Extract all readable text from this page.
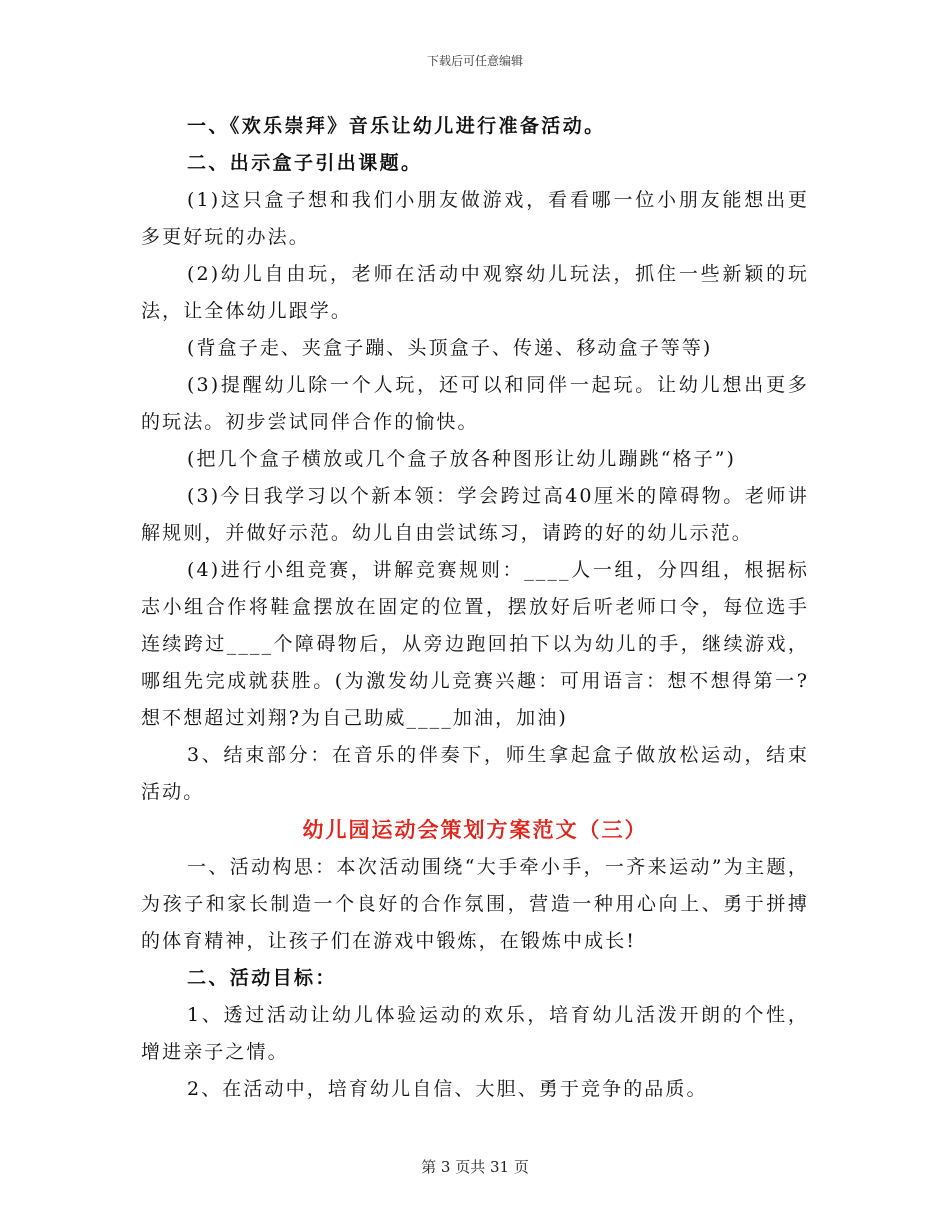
下载后可任意编辑

一、《欢乐崇拜》音乐让幼儿进行准备活动。

二、出示盒子引出课题。

(1)这只盒子想和我们小朋友做游戏，看看哪一位小朋友能想出更多更好玩的办法。

(2)幼儿自由玩，老师在活动中观察幼儿玩法，抓住一些新颖的玩法，让全体幼儿跟学。

(背盒子走、夹盒子蹦、头顶盒子、传递、移动盒子等等)

(3)提醒幼儿除一个人玩，还可以和同伴一起玩。让幼儿想出更多的玩法。初步尝试同伴合作的愉快。

(把几个盒子横放或几个盒子放各种图形让幼儿蹦跳“格子”)

(3)今日我学习以个新本领：学会跨过高40厘米的障碍物。老师讲解规则，并做好示范。幼儿自由尝试练习，请跨的好的幼儿示范。

(4)进行小组竞赛，讲解竞赛规则：____人一组，分四组，根据标志小组合作将鞋盒摆放在固定的位置，摆放好后听老师口令，每位选手连续跨过____个障碍物后，从旁边跑回拍下以为幼儿的手，继续游戏，哪组先完成就获胜。(为激发幼儿竞赛兴趣：可用语言：想不想得第一?想不想超过刘翔?为自己助威____加油，加油)

3、结束部分：在音乐的伴奏下，师生拿起盒子做放松运动，结束活动。

幼儿园运动会策划方案范文（三）

一、活动构思：本次活动围绕“大手牵小手，一齐来运动”为主题，为孩子和家长制造一个良好的合作氛围，营造一种用心向上、勇于拼搏的体育精神，让孩子们在游戏中锻炼，在锻炼中成长!

二、活动目标：

1、透过活动让幼儿体验运动的欢乐，培育幼儿活泼开朗的个性，增进亲子之情。

2、在活动中，培育幼儿自信、大胆、勇于竞争的品质。

第 3 页共 31 页
